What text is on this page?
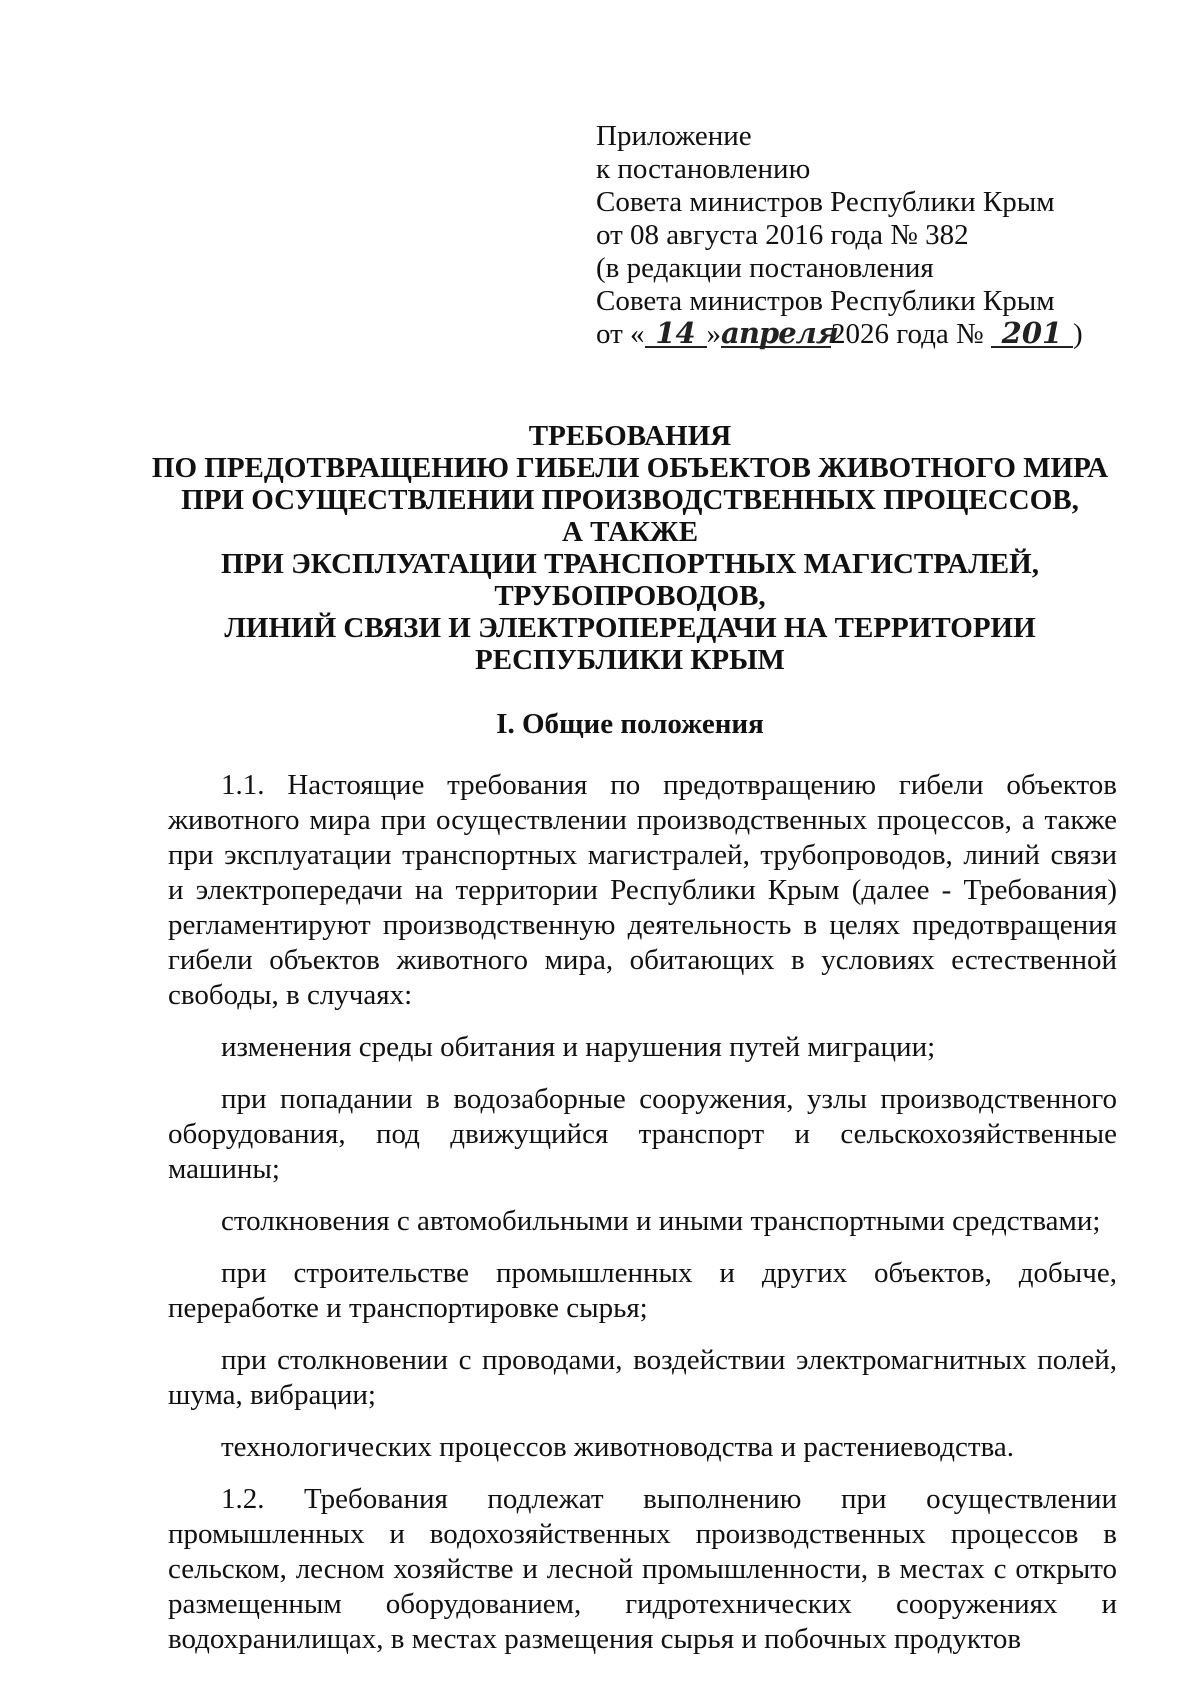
Приложение
к постановлению
Совета министров Республики Крым
от 08 августа 2016 года № 382
(в редакции постановления
Совета министров Республики Крым
от « 14 »апреля2026 года № 201 )
ТРЕБОВАНИЯ
ПО ПРЕДОТВРАЩЕНИЮ ГИБЕЛИ ОБЪЕКТОВ ЖИВОТНОГО МИРА
ПРИ ОСУЩЕСТВЛЕНИИ ПРОИЗВОДСТВЕННЫХ ПРОЦЕССОВ,
А ТАКЖЕ
ПРИ ЭКСПЛУАТАЦИИ ТРАНСПОРТНЫХ МАГИСТРАЛЕЙ,
ТРУБОПРОВОДОВ,
ЛИНИЙ СВЯЗИ И ЭЛЕКТРОПЕРЕДАЧИ НА ТЕРРИТОРИИ
РЕСПУБЛИКИ КРЫМ
I. Общие положения

1.1. Настоящие требования по предотвращению гибели объектов животного мира при осуществлении производственных процессов, а также при эксплуатации транспортных магистралей, трубопроводов, линий связи и электропередачи на территории Республики Крым (далее - Требования) регламентируют производственную деятельность в целях предотвращения гибели объектов животного мира, обитающих в условиях естественной свободы, в случаях:

изменения среды обитания и нарушения путей миграции;

при попадании в водозаборные сооружения, узлы производственного оборудования, под движущийся транспорт и сельскохозяйственные машины;

столкновения с автомобильными и иными транспортными средствами;

при строительстве промышленных и других объектов, добыче, переработке и транспортировке сырья;

при столкновении с проводами, воздействии электромагнитных полей, шума, вибрации;

технологических процессов животноводства и растениеводства.

1.2. Требования подлежат выполнению при осуществлении промышленных и водохозяйственных производственных процессов в сельском, лесном хозяйстве и лесной промышленности, в местах с открыто размещенным оборудованием, гидротехнических сооружениях и водохранилищах, в местах размещения сырья и побочных продуктов
